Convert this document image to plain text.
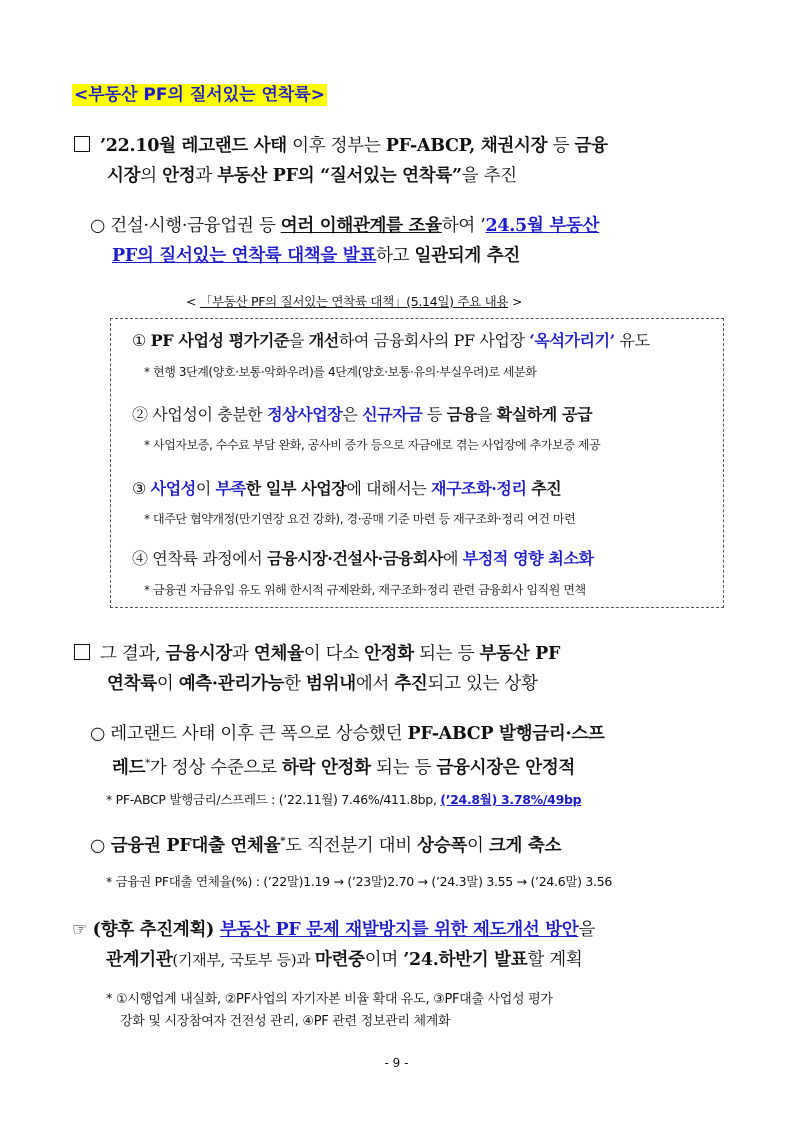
<부동산 PF의 질서있는 연착륙>
’22.10월 레고랜드 사태 이후 정부는 PF-ABCP, 채권시장 등 금융
시장의 안정과 부동산 PF의 “질서있는 연착륙”을 추진
○ 건설·시행·금융업권 등 여러 이해관계를 조율하여 ’24.5월 부동산
PF의 질서있는 연착륙 대책을 발표하고 일관되게 추진
< 「부동산 PF의 질서있는 연착륙 대책」(5.14일) 주요 내용 >
① PF 사업성 평가기준을 개선하여 금융회사의 PF 사업장 ‘옥석가리기’ 유도
* 현행 3단계(양호·보통·악화우려)를 4단계(양호·보통·유의·부실우려)로 세분화
② 사업성이 충분한 정상사업장은 신규자금 등 금융을 확실하게 공급
* 사업자보증, 수수료 부담 완화, 공사비 증가 등으로 자금애로 겪는 사업장에 추가보증 제공
③ 사업성이 부족한 일부 사업장에 대해서는 재구조화·정리 추진
* 대주단 협약개정(만기연장 요건 강화), 경·공매 기준 마련 등 재구조화·정리 여건 마련
④ 연착륙 과정에서 금융시장·건설사·금융회사에 부정적 영향 최소화
* 금융권 자금유입 유도 위해 한시적 규제완화, 재구조화·정리 관련 금융회사 임직원 면책
그 결과, 금융시장과 연체율이 다소 안정화 되는 등 부동산 PF
연착륙이 예측·관리가능한 범위내에서 추진되고 있는 상황
○ 레고랜드 사태 이후 큰 폭으로 상승했던 PF-ABCP 발행금리·스프
레드*가 정상 수준으로 하락 안정화 되는 등 금융시장은 안정적
* PF-ABCP 발행금리/스프레드 : (’22.11월) 7.46%/411.8bp, (’24.8월) 3.78%/49bp
○ 금융권 PF대출 연체율*도 직전분기 대비 상승폭이 크게 축소
* 금융권 PF대출 연체율(%) : (’22말)1.19 → (’23말)2.70 → (’24.3말) 3.55 → (’24.6말) 3.56
☞ (향후 추진계획) 부동산 PF 문제 재발방지를 위한 제도개선 방안을
관계기관(기재부, 국토부 등)과 마련중이며 ’24.하반기 발표할 계획
* ①시행업계 내실화, ②PF사업의 자기자본 비율 확대 유도, ③PF대출 사업성 평가
강화 및 시장참여자 건전성 관리, ④PF 관련 정보관리 체계화
- 9 -
